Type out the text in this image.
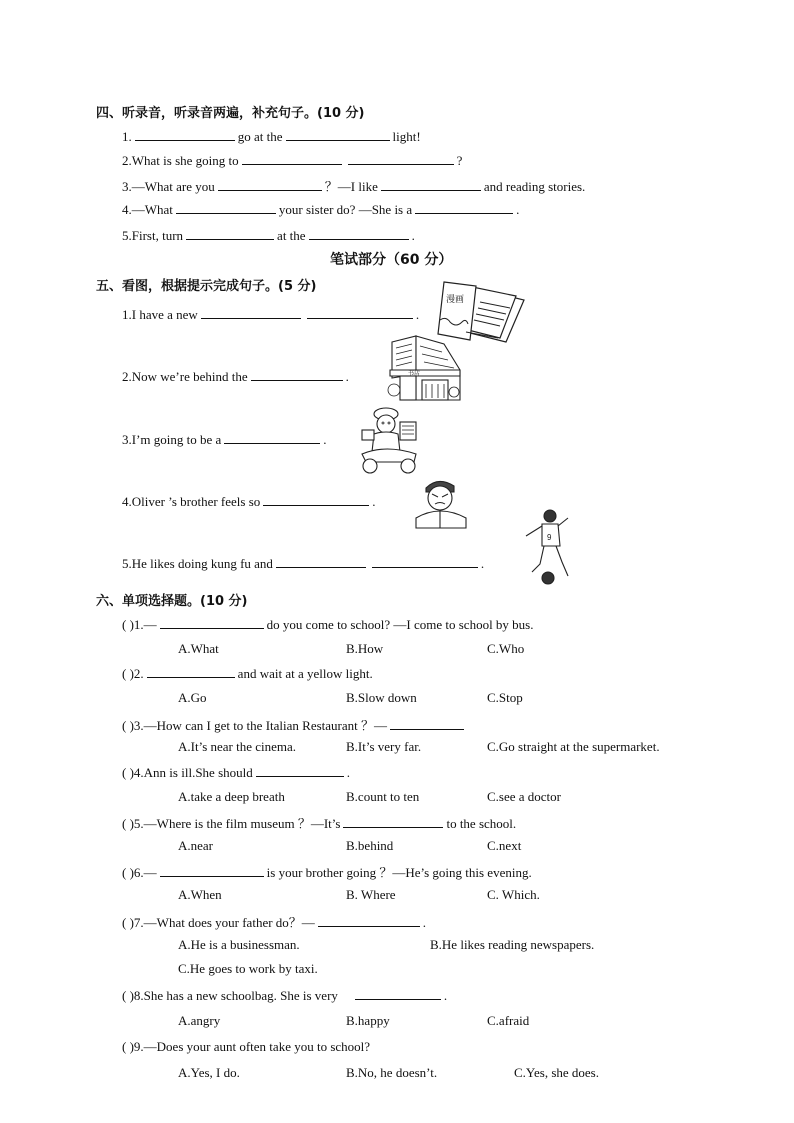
四、听录音，听录音两遍，补充句子。(10 分)
1.	go at the	light!
2.What is she going to	?
3.—What are you	？—I like	and reading stories.
4.—What	your sister do? —She is a	.
5.First, turn	at the	.
笔试部分（60 分）
五、看图，根据提示完成句子。(5 分)
1.I have a new	.
2.Now we’re behind the	.
3.I’m going to be a	.
4.Oliver ’s brother feels so	.
5.He likes doing kung fu and	.
漫画
书店
9
六、单项选择题。(10 分)
( )1.—	do you come to school? —I come to school by bus.
A.What	B.How	C.Who
( )2.	and wait at a yellow light.
A.Go	B.Slow down	C.Stop
( )3.—How can I get to the Italian Restaurant ？—
A.It’s near the cinema.	B.It’s very far.	C.Go straight at the supermarket.
( )4.Ann is ill.She should	.
A.take a deep breath	B.count to ten	C.see a doctor
( )5.—Where is the film museum ？—It’s	to the school.
A.near	B.behind	C.next
( )6.—	is your brother going ？—He’s going this evening.
A.When	B. Where	C. Which.
( )7.—What does your father do？—	.
A.He is a businessman.	B.He likes reading newspapers.
C.He goes to work by taxi.
( )8.She has a new schoolbag. She is very	.
A.angry	B.happy	C.afraid
( )9.—Does your aunt often take you to school?
A.Yes, I do.	B.No, he doesn’t.	C.Yes, she does.
